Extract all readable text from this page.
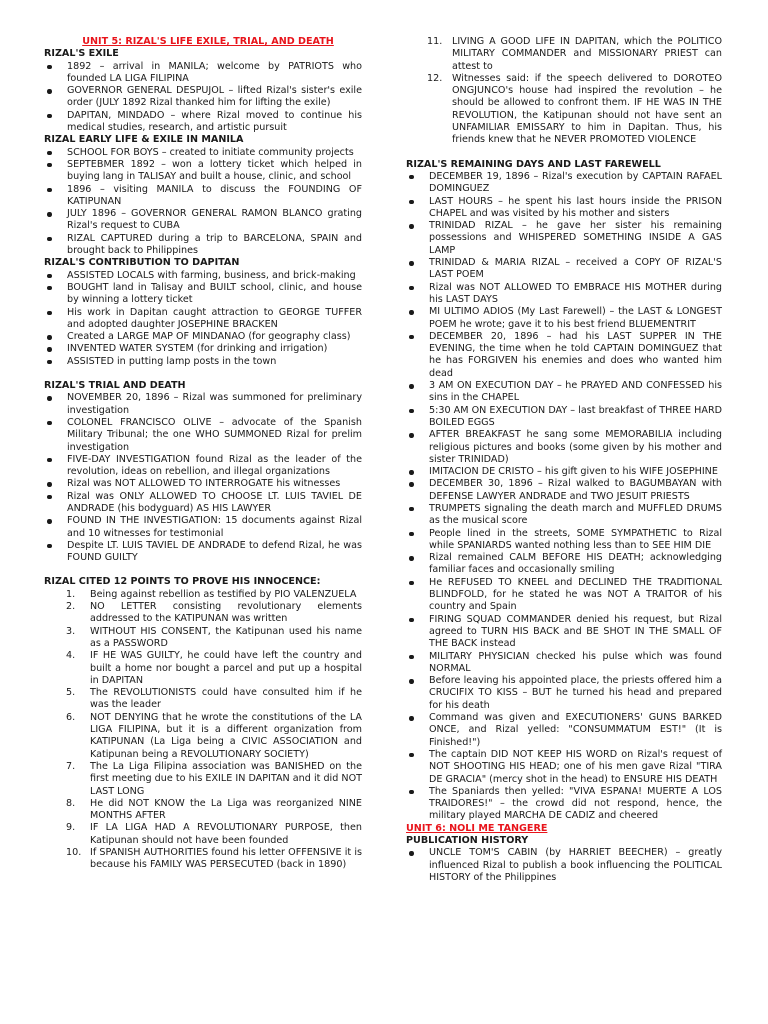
UNIT 5: RIZAL'S LIFE EXILE, TRIAL, AND DEATH
RIZAL'S EXILE
1892 – arrival in MANILA; welcome by PATRIOTS who founded LA LIGA FILIPINA
GOVERNOR GENERAL DESPUJOL – lifted Rizal's sister's exile order (JULY 1892 Rizal thanked him for lifting the exile)
DAPITAN, MINDADO – where Rizal moved to continue his medical studies, research, and artistic pursuit
RIZAL EARLY LIFE & EXILE IN MANILA
SCHOOL FOR BOYS – created to initiate community projects
SEPTEBMER 1892 – won a lottery ticket which helped in buying lang in TALISAY and built a house, clinic, and school
1896 – visiting MANILA to discuss the FOUNDING OF KATIPUNAN
JULY 1896 – GOVERNOR GENERAL RAMON BLANCO grating Rizal's request to CUBA
RIZAL CAPTURED during a trip to BARCELONA, SPAIN and brought back to Philippines
RIZAL'S CONTRIBUTION TO DAPITAN
ASSISTED LOCALS with farming, business, and brick-making
BOUGHT land in Talisay and BUILT school, clinic, and house by winning a lottery ticket
His work in Dapitan caught attraction to GEORGE TUFFER and adopted daughter JOSEPHINE BRACKEN
Created a LARGE MAP OF MINDANAO (for geography class)
INVENTED WATER SYSTEM (for drinking and irrigation)
ASSISTED in putting lamp posts in the town
RIZAL'S TRIAL AND DEATH
NOVEMBER 20, 1896 – Rizal was summoned for preliminary investigation
COLONEL FRANCISCO OLIVE – advocate of the Spanish Military Tribunal; the one WHO SUMMONED Rizal for prelim investigation
FIVE-DAY INVESTIGATION found Rizal as the leader of the revolution, ideas on rebellion, and illegal organizations
Rizal was NOT ALLOWED TO INTERROGATE his witnesses
Rizal was ONLY ALLOWED TO CHOOSE LT. LUIS TAVIEL DE ANDRADE (his bodyguard) AS HIS LAWYER
FOUND IN THE INVESTIGATION: 15 documents against Rizal and 10 witnesses for testimonial
Despite LT. LUIS TAVIEL DE ANDRADE to defend Rizal, he was FOUND GUILTY
RIZAL CITED 12 POINTS TO PROVE HIS INNOCENCE:
1. Being against rebellion as testified by PIO VALENZUELA
2. NO LETTER consisting revolutionary elements addressed to the KATIPUNAN was written
3. WITHOUT HIS CONSENT, the Katipunan used his name as a PASSWORD
4. IF HE WAS GUILTY, he could have left the country and built a home nor bought a parcel and put up a hospital in DAPITAN
5. The REVOLUTIONISTS could have consulted him if he was the leader
6. NOT DENYING that he wrote the constitutions of the LA LIGA FILIPINA, but it is a different organization from KATIPUNAN (La Liga being a CIVIC ASSOCIATION and Katipunan being a REVOLUTIONARY SOCIETY)
7. The La Liga Filipina association was BANISHED on the first meeting due to his EXILE IN DAPITAN and it did NOT LAST LONG
8. He did NOT KNOW the La Liga was reorganized NINE MONTHS AFTER
9. IF LA LIGA HAD A REVOLUTIONARY PURPOSE, then Katipunan should not have been founded
10. If SPANISH AUTHORITIES found his letter OFFENSIVE it is because his FAMILY WAS PERSECUTED (back in 1890)
11. LIVING A GOOD LIFE IN DAPITAN, which the POLITICO MILITARY COMMANDER and MISSIONARY PRIEST can attest to
12. Witnesses said: if the speech delivered to DOROTEO ONGJUNCO's house had inspired the revolution – he should be allowed to confront them. IF HE WAS IN THE REVOLUTION, the Katipunan should not have sent an UNFAMILIAR EMISSARY to him in Dapitan. Thus, his friends knew that he NEVER PROMOTED VIOLENCE
RIZAL'S REMAINING DAYS AND LAST FAREWELL
DECEMBER 19, 1896 – Rizal's execution by CAPTAIN RAFAEL DOMINGUEZ
LAST HOURS – he spent his last hours inside the PRISON CHAPEL and was visited by his mother and sisters
TRINIDAD RIZAL – he gave her sister his remaining possessions and WHISPERED SOMETHING INSIDE A GAS LAMP
TRINIDAD & MARIA RIZAL – received a COPY OF RIZAL'S LAST POEM
Rizal was NOT ALLOWED TO EMBRACE HIS MOTHER during his LAST DAYS
MI ULTIMO ADIOS (My Last Farewell) – the LAST & LONGEST POEM he wrote; gave it to his best friend BLUEMENTRIT
DECEMBER 20, 1896 – had his LAST SUPPER IN THE EVENING, the time when he told CAPTAIN DOMINGUEZ that he has FORGIVEN his enemies and does who wanted him dead
3 AM ON EXECUTION DAY – he PRAYED AND CONFESSED his sins in the CHAPEL
5:30 AM ON EXECUTION DAY – last breakfast of THREE HARD BOILED EGGS
AFTER BREAKFAST he sang some MEMORABILIA including religious pictures and books (some given by his mother and sister TRINIDAD)
IMITACION DE CRISTO – his gift given to his WIFE JOSEPHINE
DECEMBER 30, 1896 – Rizal walked to BAGUMBAYAN with DEFENSE LAWYER ANDRADE and TWO JESUIT PRIESTS
TRUMPETS signaling the death march and MUFFLED DRUMS as the musical score
People lined in the streets, SOME SYMPATHETIC to Rizal while SPANIARDS wanted nothing less than to SEE HIM DIE
Rizal remained CALM BEFORE HIS DEATH; acknowledging familiar faces and occasionally smiling
He REFUSED TO KNEEL and DECLINED THE TRADITIONAL BLINDFOLD, for he stated he was NOT A TRAITOR of his country and Spain
FIRING SQUAD COMMANDER denied his request, but Rizal agreed to TURN HIS BACK and BE SHOT IN THE SMALL OF THE BACK instead
MILITARY PHYSICIAN checked his pulse which was found NORMAL
Before leaving his appointed place, the priests offered him a CRUCIFIX TO KISS – BUT he turned his head and prepared for his death
Command was given and EXECUTIONERS' GUNS BARKED ONCE, and Rizal yelled: "CONSUMMATUM EST!" (It is Finished!")
The captain DID NOT KEEP HIS WORD on Rizal's request of NOT SHOOTING HIS HEAD; one of his men gave Rizal "TIRA DE GRACIA" (mercy shot in the head) to ENSURE HIS DEATH
The Spaniards then yelled: "VIVA ESPANA! MUERTE A LOS TRAIDORES!" – the crowd did not respond, hence, the military played MARCHA DE CADIZ and cheered
UNIT 6: NOLI ME TANGERE
PUBLICATION HISTORY
UNCLE TOM'S CABIN (by HARRIET BEECHER) – greatly influenced Rizal to publish a book influencing the POLITICAL HISTORY of the Philippines
